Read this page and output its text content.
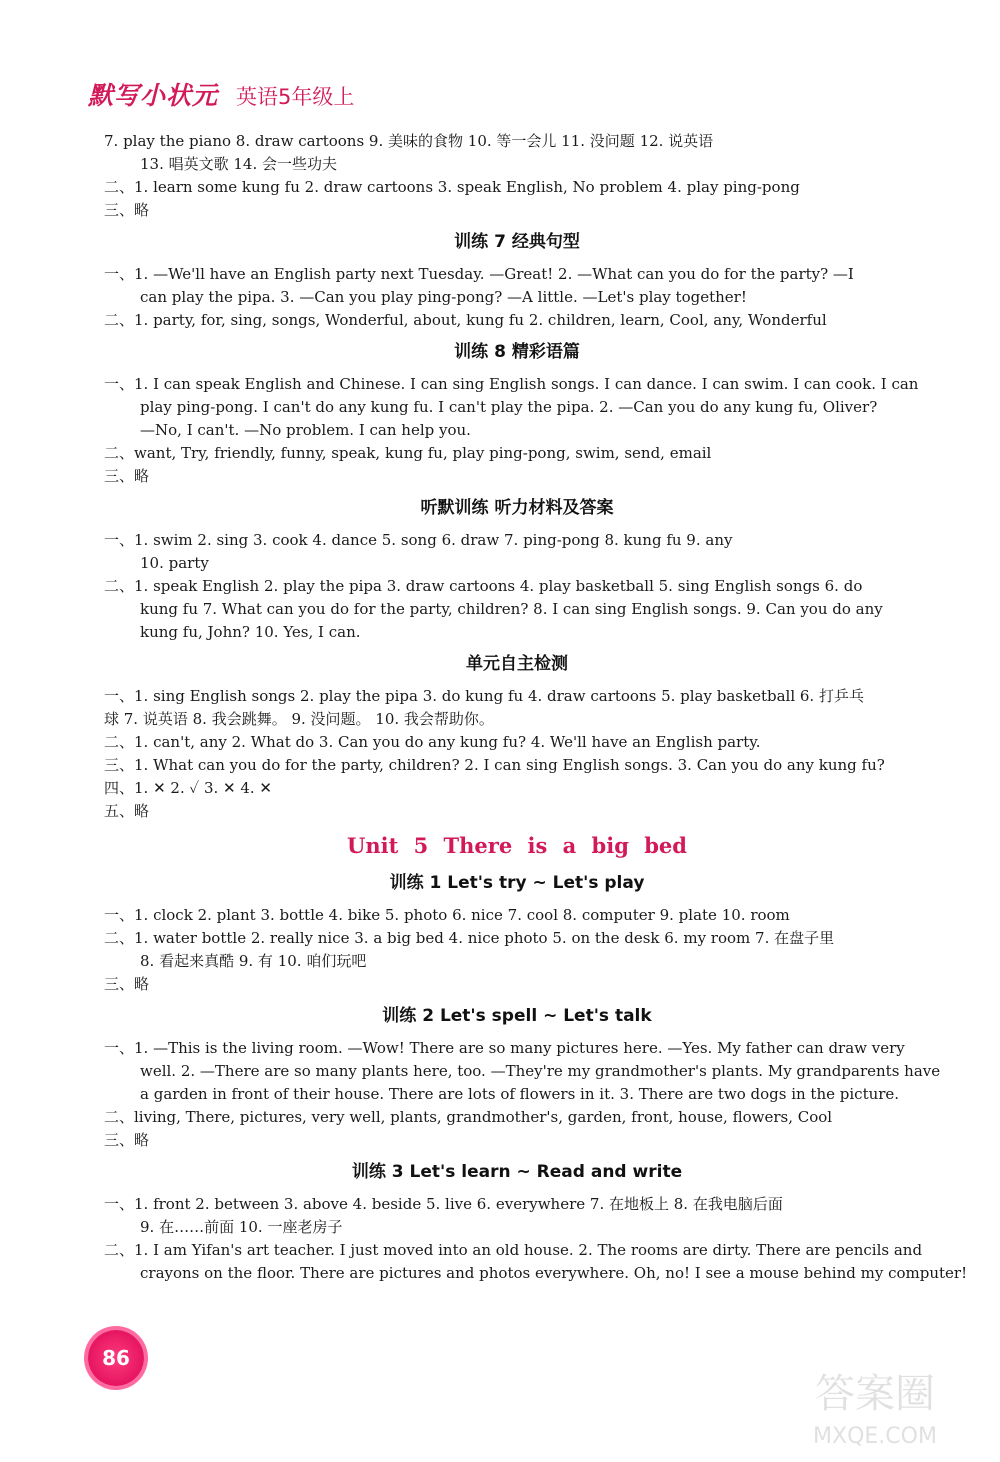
默写小状元 英语5年级上
7. play the piano 8. draw cartoons 9. 美味的食物 10. 等一会儿 11. 没问题 12. 说英语
13. 唱英文歌 14. 会一些功夫
二、1. learn some kung fu 2. draw cartoons 3. speak English, No problem 4. play ping-pong
三、略
训练 7 经典句型
一、1. —We'll have an English party next Tuesday. —Great! 2. —What can you do for the party? —I
can play the pipa. 3. —Can you play ping-pong? —A little. —Let's play together!
二、1. party, for, sing, songs, Wonderful, about, kung fu 2. children, learn, Cool, any, Wonderful
训练 8 精彩语篇
一、1. I can speak English and Chinese. I can sing English songs. I can dance. I can swim. I can cook. I can
play ping-pong. I can't do any kung fu. I can't play the pipa. 2. —Can you do any kung fu, Oliver?
—No, I can't. —No problem. I can help you.
二、want, Try, friendly, funny, speak, kung fu, play ping-pong, swim, send, email
三、略
听默训练 听力材料及答案
一、1. swim 2. sing 3. cook 4. dance 5. song 6. draw 7. ping-pong 8. kung fu 9. any
10. party
二、1. speak English 2. play the pipa 3. draw cartoons 4. play basketball 5. sing English songs 6. do
kung fu 7. What can you do for the party, children? 8. I can sing English songs. 9. Can you do any
kung fu, John? 10. Yes, I can.
单元自主检测
一、1. sing English songs 2. play the pipa 3. do kung fu 4. draw cartoons 5. play basketball 6. 打乒乓
球 7. 说英语 8. 我会跳舞。 9. 没问题。 10. 我会帮助你。
二、1. can't, any 2. What do 3. Can you do any kung fu? 4. We'll have an English party.
三、1. What can you do for the party, children? 2. I can sing English songs. 3. Can you do any kung fu?
四、1. ✕ 2. ✓ 3. ✕ 4. ✕
五、略
Unit 5 There is a big bed
训练 1 Let's try ~ Let's play
一、1. clock 2. plant 3. bottle 4. bike 5. photo 6. nice 7. cool 8. computer 9. plate 10. room
二、1. water bottle 2. really nice 3. a big bed 4. nice photo 5. on the desk 6. my room 7. 在盘子里
8. 看起来真酷 9. 有 10. 咱们玩吧
三、略
训练 2 Let's spell ~ Let's talk
一、1. —This is the living room. —Wow! There are so many pictures here. —Yes. My father can draw very
well. 2. —There are so many plants here, too. —They're my grandmother's plants. My grandparents have
a garden in front of their house. There are lots of flowers in it. 3. There are two dogs in the picture.
二、living, There, pictures, very well, plants, grandmother's, garden, front, house, flowers, Cool
三、略
训练 3 Let's learn ~ Read and write
一、1. front 2. between 3. above 4. beside 5. live 6. everywhere 7. 在地板上 8. 在我电脑后面
9. 在……前面 10. 一座老房子
二、1. I am Yifan's art teacher. I just moved into an old house. 2. The rooms are dirty. There are pencils and
crayons on the floor. There are pictures and photos everywhere. Oh, no! I see a mouse behind my computer!
86
答案圈
MXQE.COM
